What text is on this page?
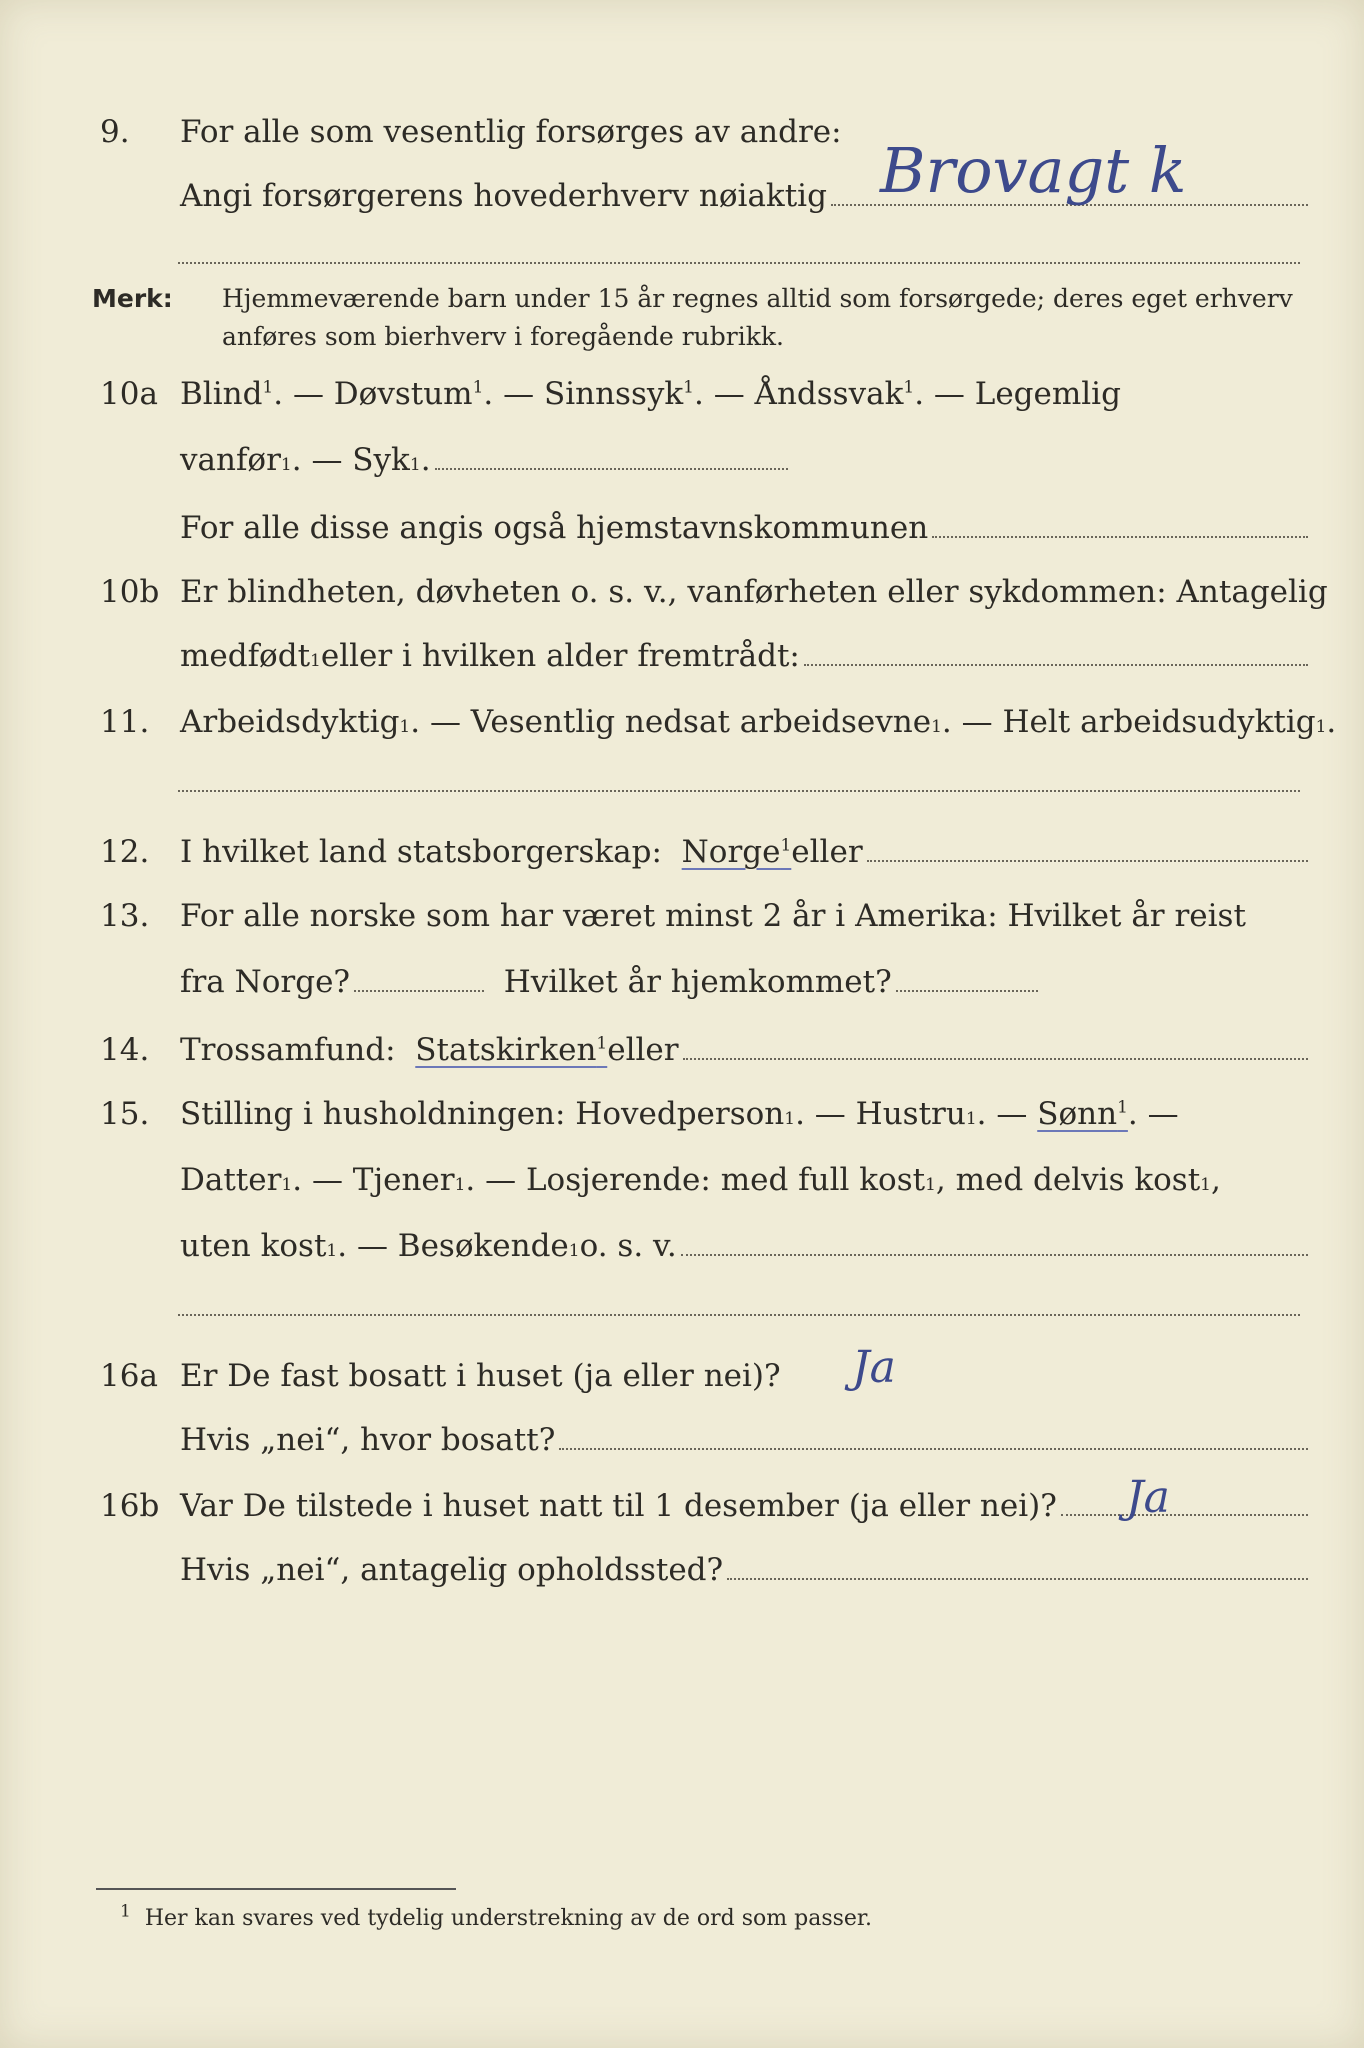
9.	For alle som vesentlig forsørges av andre:
Angi forsørgerens hovederhverv nøiaktig Brovagt k
Merk: Hjemmeværende barn under 15 år regnes alltid som forsørgede; deres eget erhverv anføres som bierhverv i foregående rubrikk.
10a Blind$^1$. — Døvstum$^1$. — Sinnssyk$^1$. — Åndssvak$^1$. — Legemlig
vanfør 1 . — Syk 1 .
For alle disse angis også hjemstavnskommunen
10b Er blindheten, døvheten o. s. v., vanførheten eller sykdommen: Antagelig
medfødt 1 eller i hvilken alder fremtrådt:
11. Arbeidsdyktig 1 . — Vesentlig nedsat arbeidsevne 1 . — Helt arbeidsudyktig 1 .
12. I hvilket land statsborgerskap:
Norge$^1$ eller
13. For alle norske som har været minst 2 år i Amerika: Hvilket år reist
fra Norge?
	Hvilket år hjemkommet?
14. Trossamfund:
Statskirken$^1$ eller
15. Stilling i husholdningen: Hovedperson 1 . — Hustru 1 . —
Sønn$^1$ . —
Datter 1 . — Tjener 1 . — Losjerende: med full kost 1 , med delvis kost 1 ,
uten kost 1 . — Besøkende 1 o. s. v.
16a Er De fast bosatt i huset (ja eller nei)? Ja
Hvis „nei“, hvor bosatt?
16b Var De tilstede i huset natt til 1 desember (ja eller nei)? Ja
Hvis „nei“, antagelig opholdssted?
$^1$ Her kan svares ved tydelig understrekning av de ord som passer.
